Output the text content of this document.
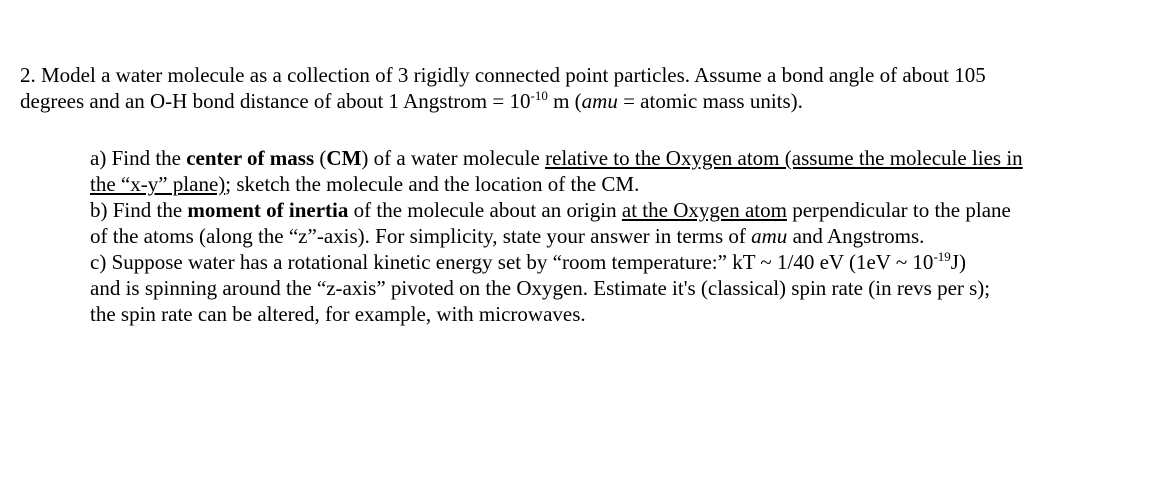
2. Model a water molecule as a collection of 3 rigidly connected point particles. Assume a bond angle of about 105
degrees and an O-H bond distance of about 1 Angstrom = $10^{-10}$ m (amu = atomic mass units).
a) Find the center of mass (CM) of a water molecule relative to the Oxygen atom (assume the molecule lies in
the “x-y” plane); sketch the molecule and the location of the CM.
b) Find the moment of inertia of the molecule about an origin at the Oxygen atom perpendicular to the plane
of the atoms (along the “z”-axis). For simplicity, state your answer in terms of amu and Angstroms.
c) Suppose water has a rotational kinetic energy set by “room temperature:” kT ~ 1/40 eV (1eV ~ $10^{-19}J$)
and is spinning around the “z-axis” pivoted on the Oxygen. Estimate it's (classical) spin rate (in revs per s);
the spin rate can be altered, for example, with microwaves.
